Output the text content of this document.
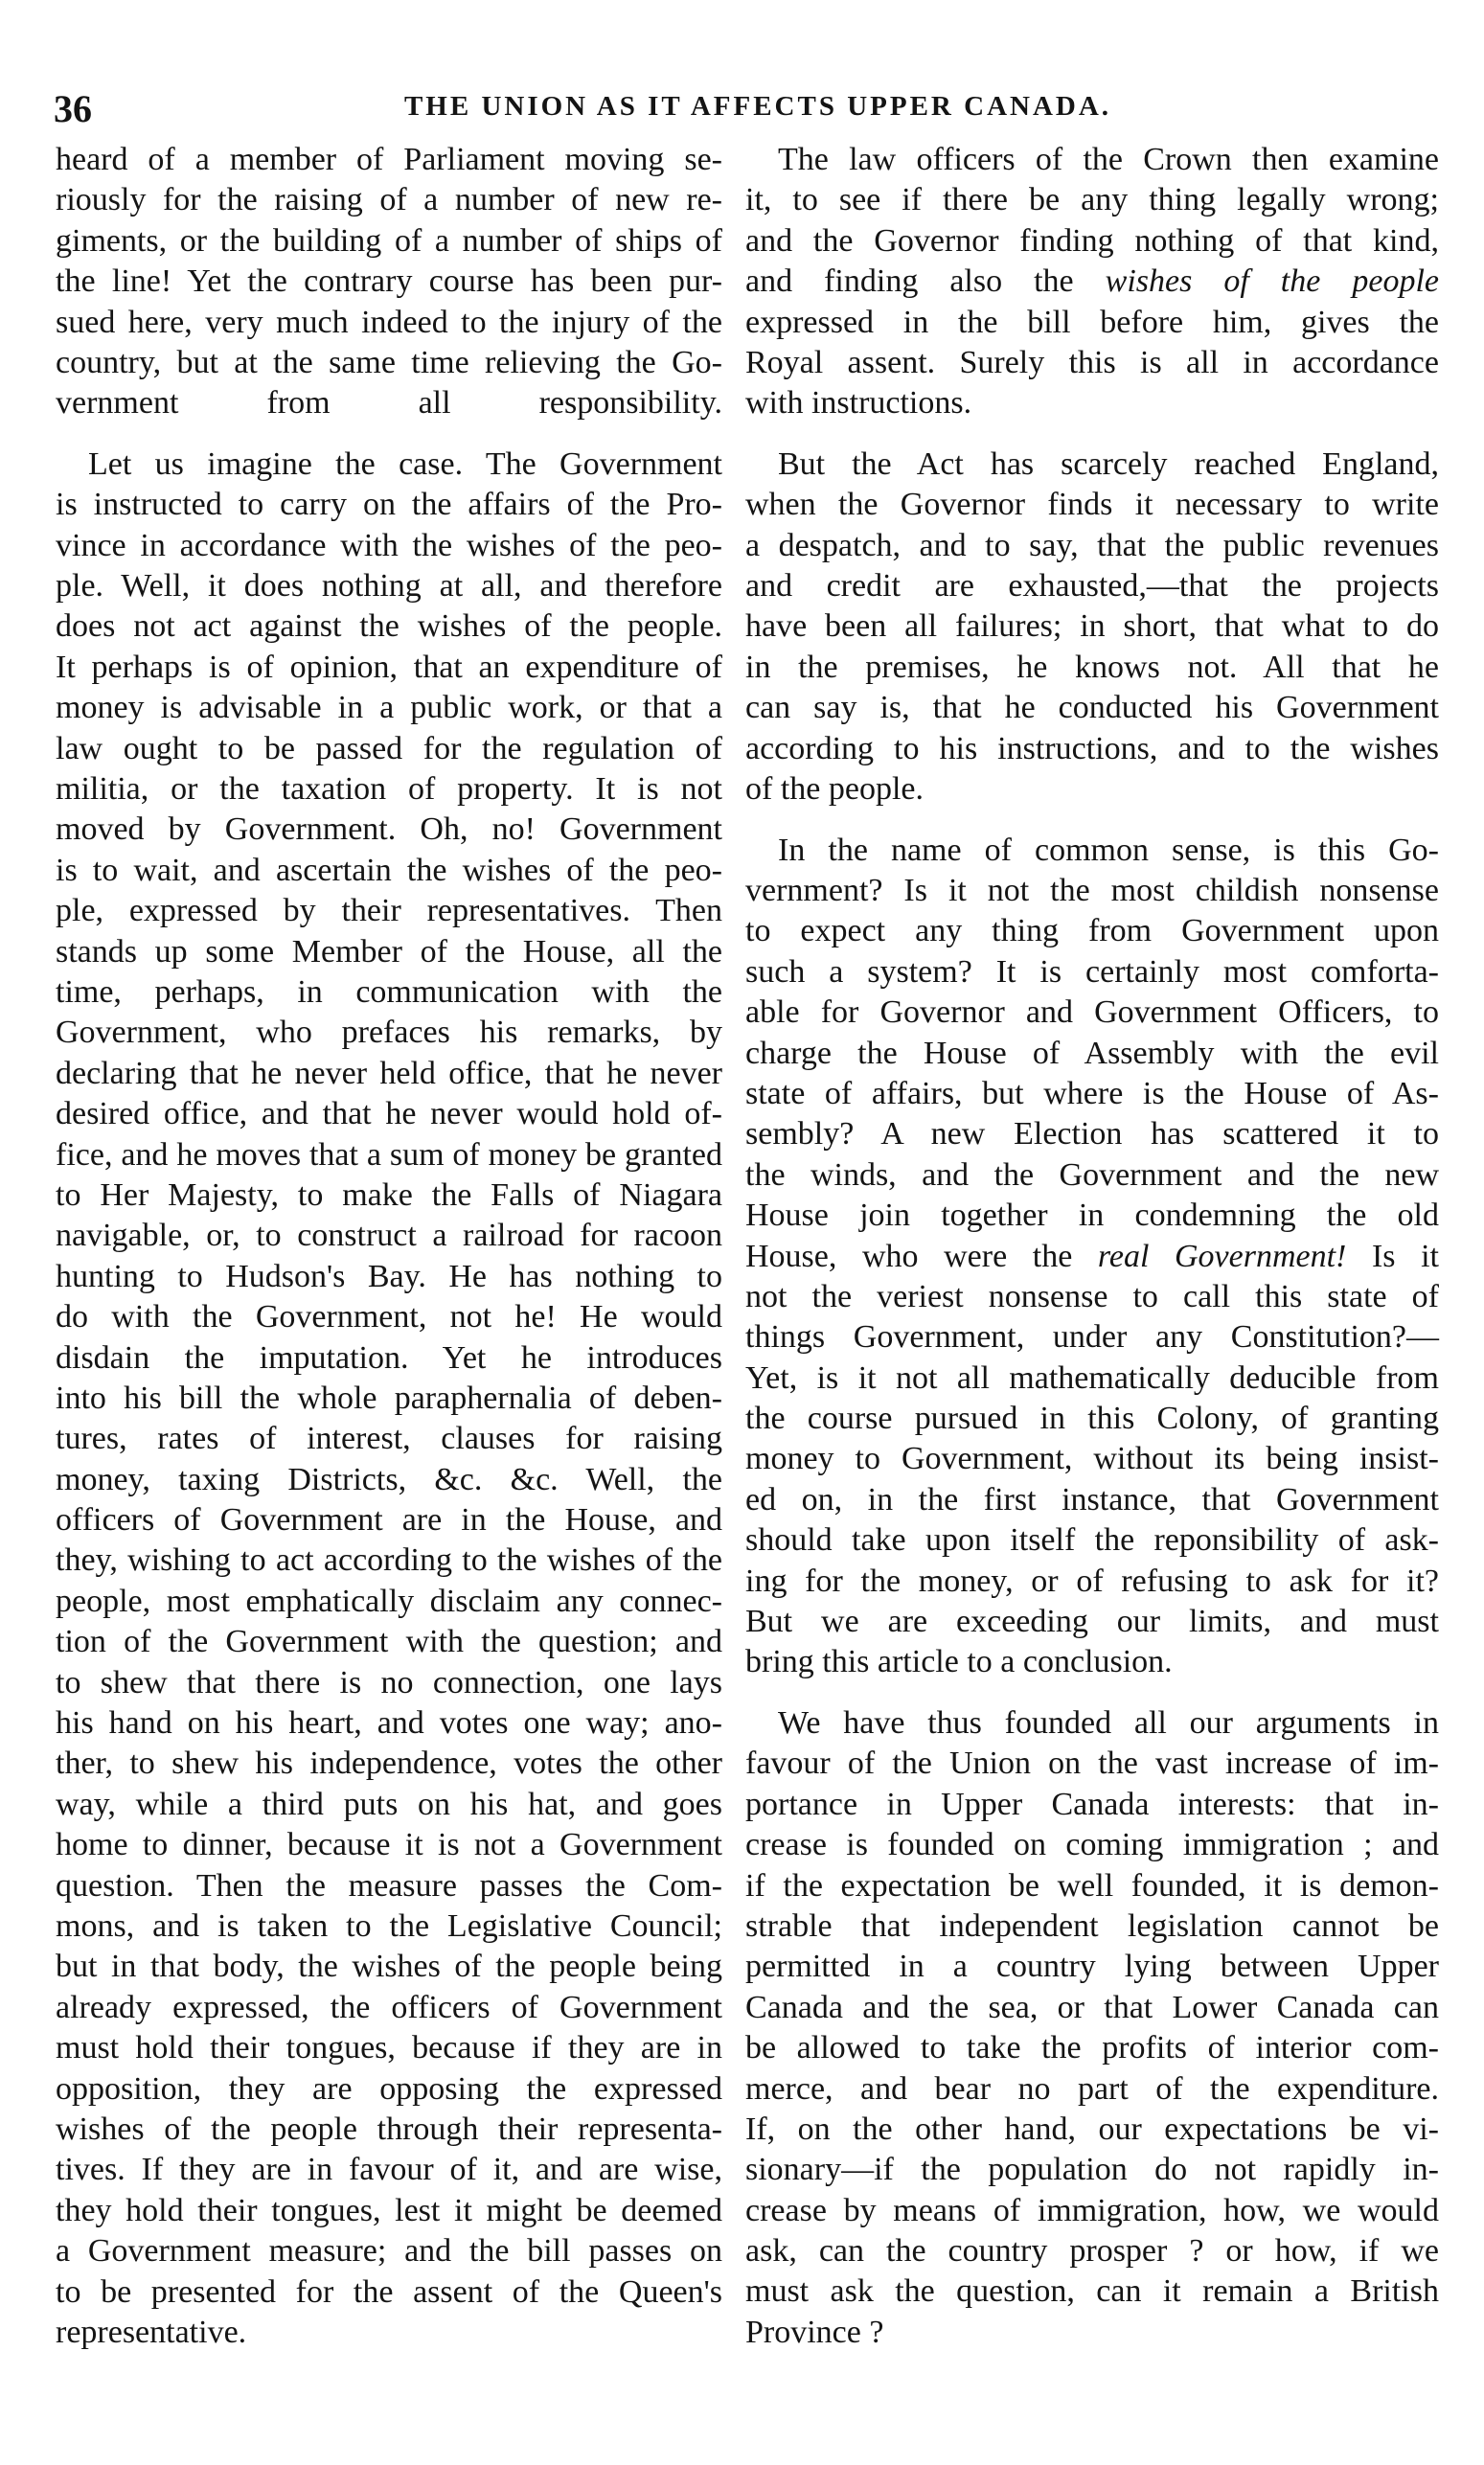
36	THE UNION AS IT AFFECTS UPPER CANADA.
heard of a member of Parliament moving se-
riously for the raising of a number of new re-
giments, or the building of a number of ships of
the line! Yet the contrary course has been pur-
sued here, very much indeed to the injury of the
country, but at the same time relieving the Go-
vernment from all responsibility.
Let us imagine the case. The Government
is instructed to carry on the affairs of the Pro-
vince in accordance with the wishes of the peo-
ple. Well, it does nothing at all, and therefore
does not act against the wishes of the people.
It perhaps is of opinion, that an expenditure of
money is advisable in a public work, or that a
law ought to be passed for the regulation of
militia, or the taxation of property. It is not
moved by Government. Oh, no! Government
is to wait, and ascertain the wishes of the peo-
ple, expressed by their representatives. Then
stands up some Member of the House, all the
time, perhaps, in communication with the
Government, who prefaces his remarks, by
declaring that he never held office, that he never
desired office, and that he never would hold of-
fice, and he moves that a sum of money be granted
to Her Majesty, to make the Falls of Niagara
navigable, or, to construct a railroad for racoon
hunting to Hudson's Bay. He has nothing to
do with the Government, not he! He would
disdain the imputation. Yet he introduces
into his bill the whole paraphernalia of deben-
tures, rates of interest, clauses for raising
money, taxing Districts, &c. &c. Well, the
officers of Government are in the House, and
they, wishing to act according to the wishes of the
people, most emphatically disclaim any connec-
tion of the Government with the question; and
to shew that there is no connection, one lays
his hand on his heart, and votes one way; ano-
ther, to shew his independence, votes the other
way, while a third puts on his hat, and goes
home to dinner, because it is not a Government
question. Then the measure passes the Com-
mons, and is taken to the Legislative Council;
but in that body, the wishes of the people being
already expressed, the officers of Government
must hold their tongues, because if they are in
opposition, they are opposing the expressed
wishes of the people through their representa-
tives. If they are in favour of it, and are wise,
they hold their tongues, lest it might be deemed
a Government measure; and the bill passes on
to be presented for the assent of the Queen's
representative.
The law officers of the Crown then examine
it, to see if there be any thing legally wrong;
and the Governor finding nothing of that kind,
and finding also the wishes of the people
expressed in the bill before him, gives the
Royal assent. Surely this is all in accordance
with instructions.
But the Act has scarcely reached England,
when the Governor finds it necessary to write
a despatch, and to say, that the public revenues
and credit are exhausted,—that the projects
have been all failures; in short, that what to do
in the premises, he knows not. All that he
can say is, that he conducted his Government
according to his instructions, and to the wishes
of the people.
In the name of common sense, is this Go-
vernment? Is it not the most childish nonsense
to expect any thing from Government upon
such a system? It is certainly most comforta-
able for Governor and Government Officers, to
charge the House of Assembly with the evil
state of affairs, but where is the House of As-
sembly? A new Election has scattered it to
the winds, and the Government and the new
House join together in condemning the old
House, who were the real Government! Is it
not the veriest nonsense to call this state of
things Government, under any Constitution?—
Yet, is it not all mathematically deducible from
the course pursued in this Colony, of granting
money to Government, without its being insist-
ed on, in the first instance, that Government
should take upon itself the reponsibility of ask-
ing for the money, or of refusing to ask for it?
But we are exceeding our limits, and must
bring this article to a conclusion.
We have thus founded all our arguments in
favour of the Union on the vast increase of im-
portance in Upper Canada interests: that in-
crease is founded on coming immigration ; and
if the expectation be well founded, it is demon-
strable that independent legislation cannot be
permitted in a country lying between Upper
Canada and the sea, or that Lower Canada can
be allowed to take the profits of interior com-
merce, and bear no part of the expenditure.
If, on the other hand, our expectations be vi-
sionary—if the population do not rapidly in-
crease by means of immigration, how, we would
ask, can the country prosper ? or how, if we
must ask the question, can it remain a British
Province ?
